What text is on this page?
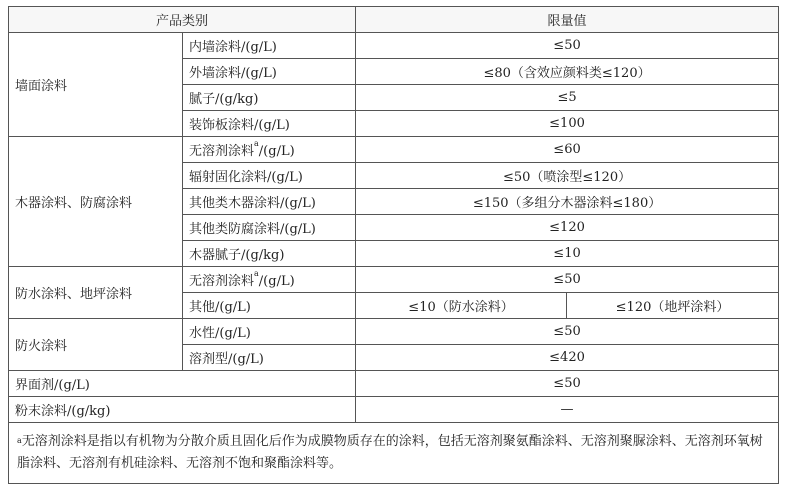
产品类别		限量值	
墙面涂料	内墙涂料/(g/L)	≤50	
	外墙涂料/(g/L)	≤80（含效应颜料类≤120）	
	腻子/(g/kg)	≤5	
	装饰板涂料/(g/L)	≤100	
木器涂料、防腐涂料	无溶剂涂料$^a$/(g/L)	≤60	
	辐射固化涂料/(g/L)	≤50（喷涂型≤120）	
	其他类木器涂料/(g/L)	≤150（多组分木器涂料≤180）	
	其他类防腐涂料/(g/L)	≤120	
	木器腻子/(g/kg)	≤10	
防水涂料、地坪涂料	无溶剂涂料$^a$/(g/L)	≤50	
	其他/(g/L)	≤10（防水涂料）	≤120（地坪涂料）
防火涂料	水性/(g/L)	≤50	
	溶剂型/(g/L)	≤420	
界面剂/(g/L)		≤50	
粉末涂料/(g/kg)		—	
$^a$无溶剂涂料是指以有机物为分散介质且固化后作为成膜物质存在的涂料，包括无溶剂聚氨酯涂料、无溶剂聚脲涂料、无溶剂环氧树脂涂料、无溶剂有机硅涂料、无溶剂不饱和聚酯涂料等。			
